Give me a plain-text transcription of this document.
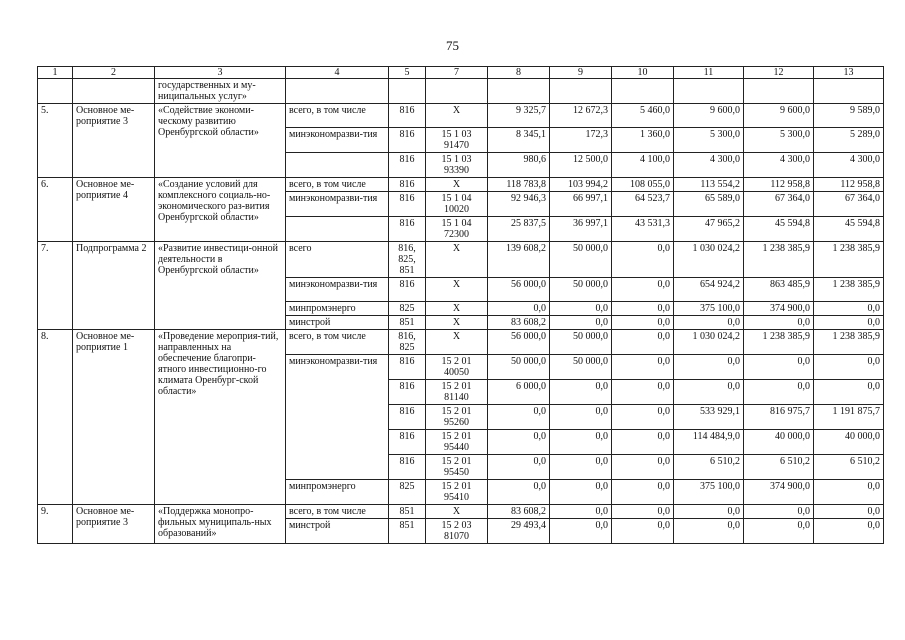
75
1	2	3	4	5	7	8	9	10	11	12	13
		государственных и му-ниципальных услуг»									
5.	Основное ме-роприятие 3	«Содействие экономи-ческому развитию Оренбургской области»	всего, в том числе	816	X	9 325,7	12 672,3	5 460,0	9 600,0	9 600,0	9 589,0
			минэкономразви-тия	816	15 1 03 91470	8 345,1	172,3	1 360,0	5 300,0	5 300,0	5 289,0
				816	15 1 03 93390	980,6	12 500,0	4 100,0	4 300,0	4 300,0	4 300,0
6.	Основное ме-роприятие 4	«Создание условий для комплексного социаль-но-экономического раз-вития Оренбургской области»	всего, в том числе	816	X	118 783,8	103 994,2	108 055,0	113 554,2	112 958,8	112 958,8
			минэкономразви-тия	816	15 1 04 10020	92 946,3	66 997,1	64 523,7	65 589,0	67 364,0	67 364,0
				816	15 1 04 72300	25 837,5	36 997,1	43 531,3	47 965,2	45 594,8	45 594,8
7.	Подпрограмма 2	«Развитие инвестици-онной деятельности в Оренбургской области»	всего	816, 825, 851	X	139 608,2	50 000,0	0,0	1 030 024,2	1 238 385,9	1 238 385,9
			минэкономразви-тия	816	X	56 000,0	50 000,0	0,0	654 924,2	863 485,9	1 238 385,9
			минпромэнерго	825	X	0,0	0,0	0,0	375 100,0	374 900,0	0,0
			минстрой	851	X	83 608,2	0,0	0,0	0,0	0,0	0,0
8.	Основное ме-роприятие 1	«Проведение мероприя-тий, направленных на обеспечение благопри-ятного инвестиционно-го климата Оренбург-ской области»	всего, в том числе	816, 825	X	56 000,0	50 000,0	0,0	1 030 024,2	1 238 385,9	1 238 385,9
			минэкономразви-тия	816	15 2 01 40050	50 000,0	50 000,0	0,0	0,0	0,0	0,0
				816	15 2 01 81140	6 000,0	0,0	0,0	0,0	0,0	0,0
				816	15 2 01 95260	0,0	0,0	0,0	533 929,1	816 975,7	1 191 875,7
				816	15 2 01 95440	0,0	0,0	0,0	114 484,9,0	40 000,0	40 000,0
				816	15 2 01 95450	0,0	0,0	0,0	6 510,2	6 510,2	6 510,2
			минпромэнерго	825	15 2 01 95410	0,0	0,0	0,0	375 100,0	374 900,0	0,0
9.	Основное ме-роприятие 3	«Поддержка монопро-фильных муниципаль-ных образований»	всего, в том числе	851	X	83 608,2	0,0	0,0	0,0	0,0	0,0
			минстрой	851	15 2 03 81070	29 493,4	0,0	0,0	0,0	0,0	0,0
